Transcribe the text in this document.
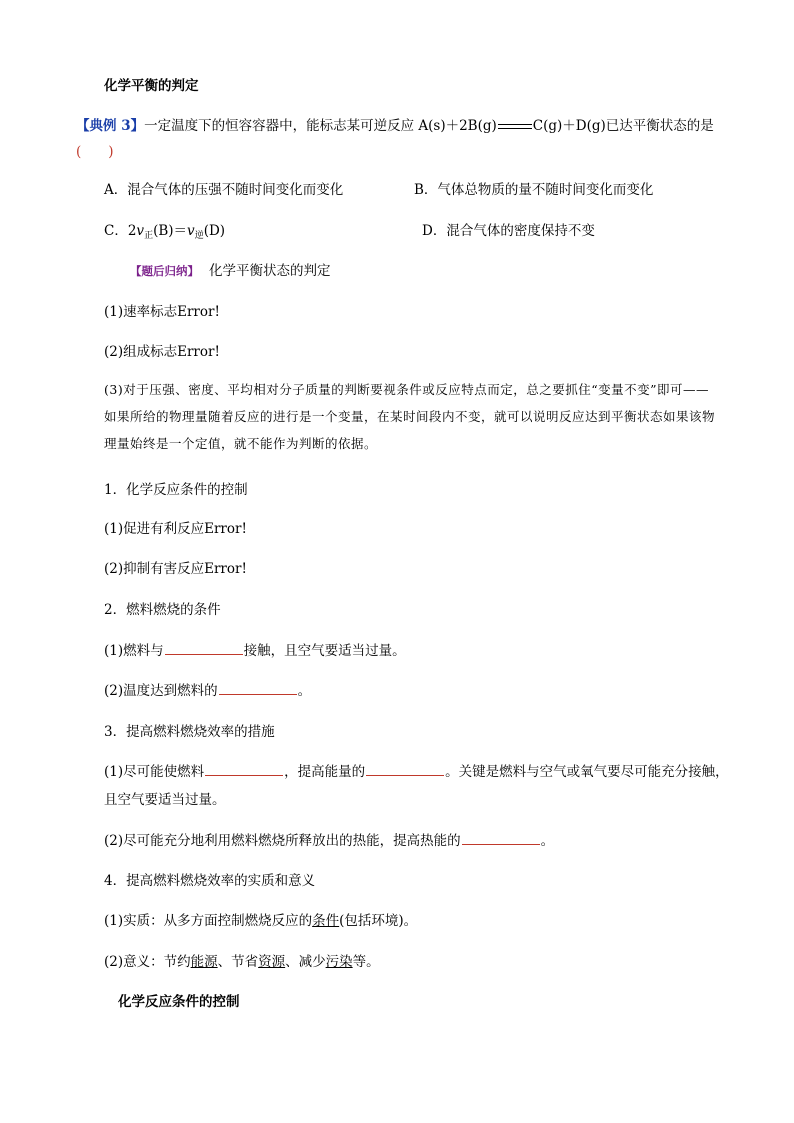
化学平衡的判定
【典例 3】一定温度下的恒容容器中，能标志某可逆反应 A(s)＋2B(g)	C(g)＋D(g)已达平衡状态的是
(　　)
A．混合气体的压强不随时间变化而变化	B．气体总物质的量不随时间变化而变化
C．$2v_正(B)=v_逆(D)$	D．混合气体的密度保持不变
【题后归纳】 化学平衡状态的判定
(1)速率标志Error!
(2)组成标志Error!
(3)对于压强、密度、平均相对分子质量的判断要视条件或反应特点而定，总之要抓住“变量不变”即可——如果所给的物理量随着反应的进行是一个变量，在某时间段内不变，就可以说明反应达到平衡状态如果该物理量始终是一个定值，就不能作为判断的依据。
1．化学反应条件的控制
(1)促进有利反应Error!
(2)抑制有害反应Error!
2．燃料燃烧的条件
(1)燃料与	接触，且空气要适当过量。
(2)温度达到燃料的	。
3．提高燃料燃烧效率的措施
(1)尽可能使燃料	，提高能量的	。关键是燃料与空气或氧气要尽可能充分接触，
且空气要适当过量。
(2)尽可能充分地利用燃料燃烧所释放出的热能，提高热能的	。
4．提高燃料燃烧效率的实质和意义
(1)实质：从多方面控制燃烧反应的条件(包括环境)。
(2)意义：节约能源、节省资源、减少污染等。
化学反应条件的控制
